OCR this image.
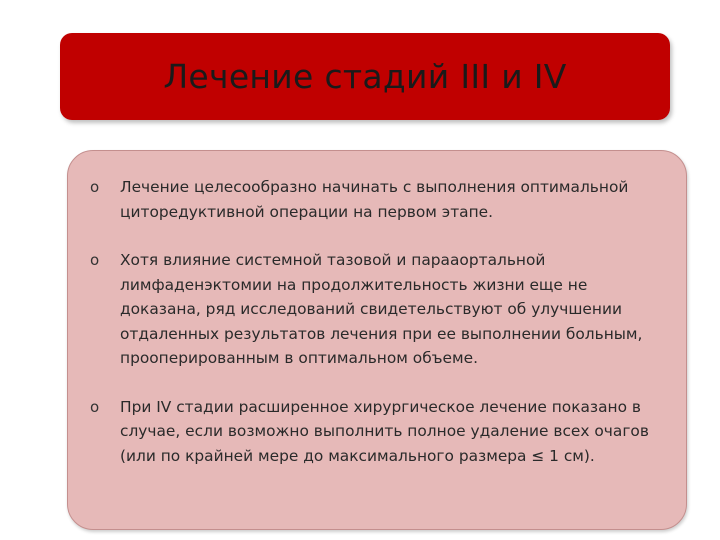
Лечение стадий III и IV
o Лечение целесообразно начинать с выполнения оптимальной циторедуктивной операции на первом этапе.
o Хотя влияние системной тазовой и парааортальной лимфаденэктомии на продолжительность жизни еще не доказана, ряд исследований свидетельствуют об улучшении отдаленных результатов лечения при ее выполнении больным, прооперированным в оптимальном объеме.
o При IV стадии расширенное хирургическое лечение показано в случае, если возможно выполнить полное удаление всех очагов (или по крайней мере до максимального размера ≤ 1 см).
